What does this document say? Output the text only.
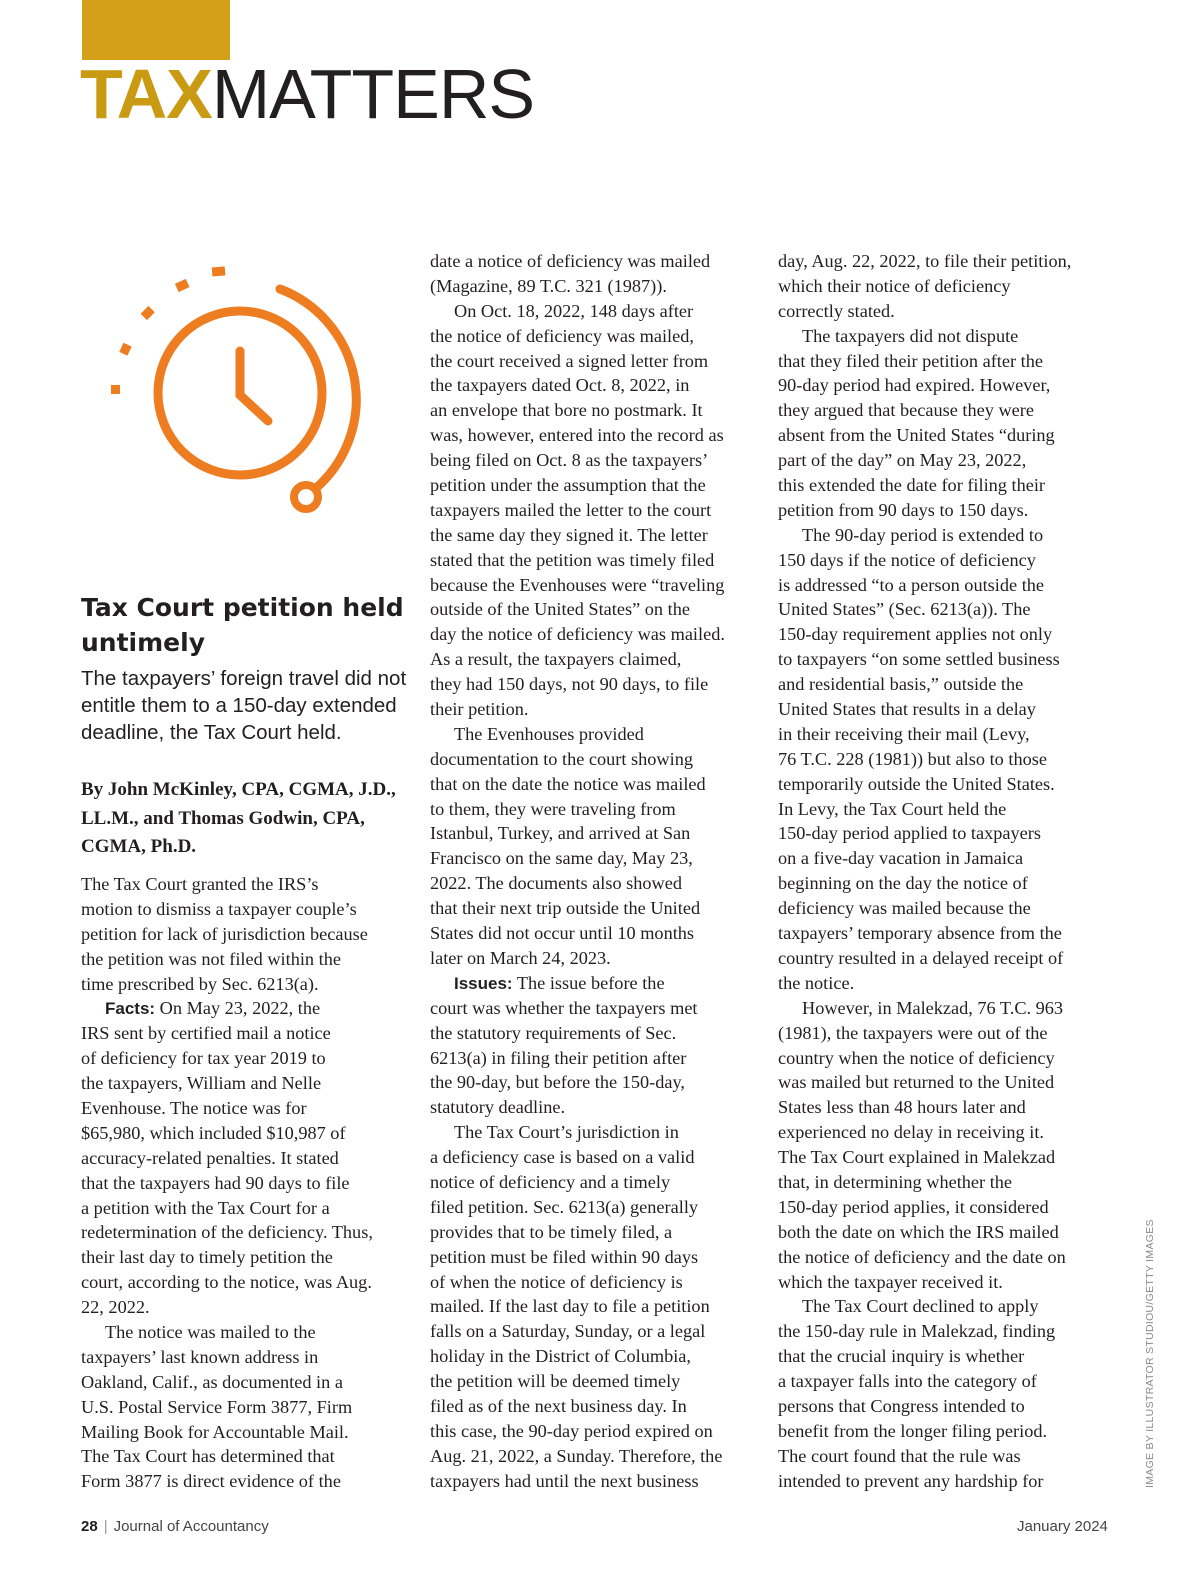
TAXMATTERS
Tax Court petition held untimely

The taxpayers’ foreign travel did not entitle them to a 150-day extended deadline, the Tax Court held.

By John McKinley, CPA, CGMA, J.D., LL.M., and Thomas Godwin, CPA, CGMA, Ph.D.

The Tax Court granted the IRS’s
motion to dismiss a taxpayer couple’s
petition for lack of jurisdiction because
the petition was not filed within the
time prescribed by Sec. 6213(a).
Facts: On May 23, 2022, the
IRS sent by certified mail a notice
of deficiency for tax year 2019 to
the taxpayers, William and Nelle
Evenhouse. The notice was for
$65,980, which included $10,987 of
accuracy-related penalties. It stated
that the taxpayers had 90 days to file
a petition with the Tax Court for a
redetermination of the deficiency. Thus,
their last day to timely petition the
court, according to the notice, was Aug.
22, 2022.
The notice was mailed to the
taxpayers’ last known address in
Oakland, Calif., as documented in a
U.S. Postal Service Form 3877, Firm
Mailing Book for Accountable Mail.
The Tax Court has determined that
Form 3877 is direct evidence of the
date a notice of deficiency was mailed
(Magazine, 89 T.C. 321 (1987)).
On Oct. 18, 2022, 148 days after
the notice of deficiency was mailed,
the court received a signed letter from
the taxpayers dated Oct. 8, 2022, in
an envelope that bore no postmark. It
was, however, entered into the record as
being filed on Oct. 8 as the taxpayers’
petition under the assumption that the
taxpayers mailed the letter to the court
the same day they signed it. The letter
stated that the petition was timely filed
because the Evenhouses were “traveling
outside of the United States” on the
day the notice of deficiency was mailed.
As a result, the taxpayers claimed,
they had 150 days, not 90 days, to file
their petition.
The Evenhouses provided
documentation to the court showing
that on the date the notice was mailed
to them, they were traveling from
Istanbul, Turkey, and arrived at San
Francisco on the same day, May 23,
2022. The documents also showed
that their next trip outside the United
States did not occur until 10 months
later on March 24, 2023.
Issues: The issue before the
court was whether the taxpayers met
the statutory requirements of Sec.
6213(a) in filing their petition after
the 90-day, but before the 150-day,
statutory deadline.
The Tax Court’s jurisdiction in
a deficiency case is based on a valid
notice of deficiency and a timely
filed petition. Sec. 6213(a) generally
provides that to be timely filed, a
petition must be filed within 90 days
of when the notice of deficiency is
mailed. If the last day to file a petition
falls on a Saturday, Sunday, or a legal
holiday in the District of Columbia,
the petition will be deemed timely
filed as of the next business day. In
this case, the 90-day period expired on
Aug. 21, 2022, a Sunday. Therefore, the
taxpayers had until the next business
day, Aug. 22, 2022, to file their petition,
which their notice of deficiency
correctly stated.
The taxpayers did not dispute
that they filed their petition after the
90-day period had expired. However,
they argued that because they were
absent from the United States “during
part of the day” on May 23, 2022,
this extended the date for filing their
petition from 90 days to 150 days.
The 90-day period is extended to
150 days if the notice of deficiency
is addressed “to a person outside the
United States” (Sec. 6213(a)). The
150-day requirement applies not only
to taxpayers “on some settled business
and residential basis,” outside the
United States that results in a delay
in their receiving their mail (Levy,
76 T.C. 228 (1981)) but also to those
temporarily outside the United States.
In Levy, the Tax Court held the
150-day period applied to taxpayers
on a five-day vacation in Jamaica
beginning on the day the notice of
deficiency was mailed because the
taxpayers’ temporary absence from the
country resulted in a delayed receipt of
the notice.
However, in Malekzad, 76 T.C. 963
(1981), the taxpayers were out of the
country when the notice of deficiency
was mailed but returned to the United
States less than 48 hours later and
experienced no delay in receiving it.
The Tax Court explained in Malekzad
that, in determining whether the
150-day period applies, it considered
both the date on which the IRS mailed
the notice of deficiency and the date on
which the taxpayer received it.
The Tax Court declined to apply
the 150-day rule in Malekzad, finding
that the crucial inquiry is whether
a taxpayer falls into the category of
persons that Congress intended to
benefit from the longer filing period.
The court found that the rule was
intended to prevent any hardship for	IMAGE BY ILLUSTRATOR STUDIOU/GETTY IMAGES
28 | Journal of Accountancy	January 2024
